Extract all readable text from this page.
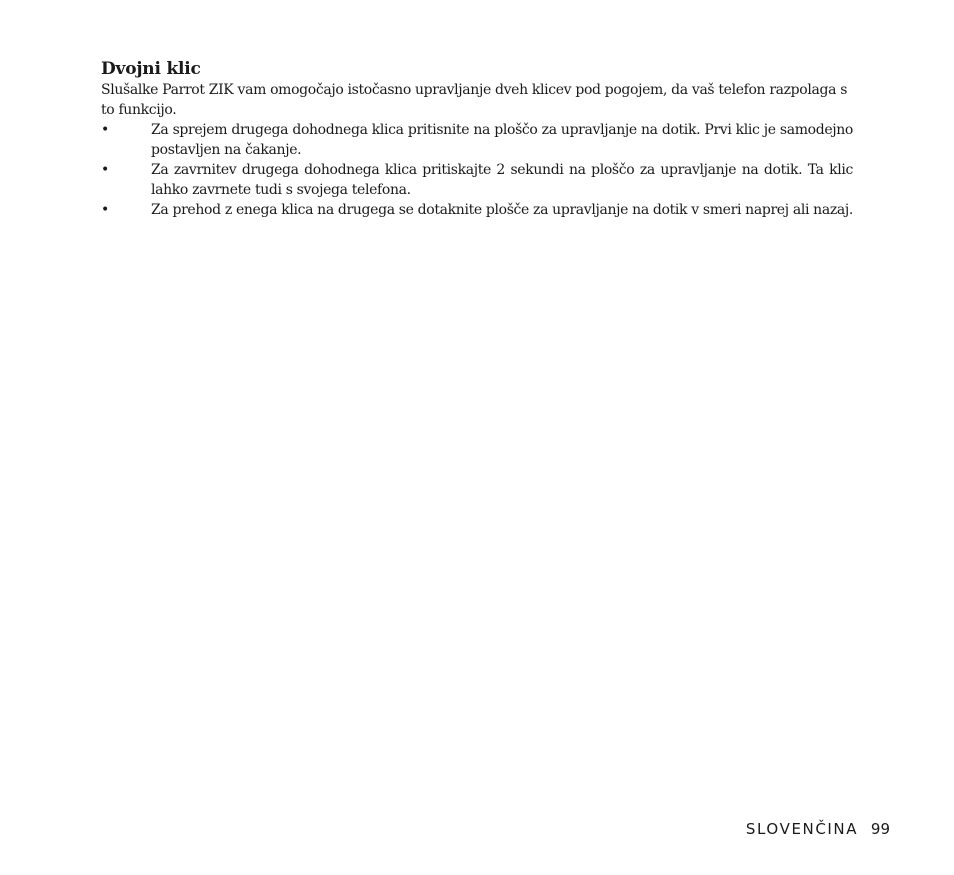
Dvojni klic

Slušalke Parrot ZIK vam omogočajo istočasno upravljanje dveh klicev pod pogojem, da vaš telefon razpolaga s to funkcijo.

•	Za sprejem drugega dohodnega klica pritisnite na ploščo za upravljanje na dotik. Prvi klic je samodejno postavljen na čakanje.
•	Za zavrnitev drugega dohodnega klica pritiskajte 2 sekundi na ploščo za upravljanje na dotik. Ta klic lahko zavrnete tudi s svojega telefona.
•	Za prehod z enega klica na drugega se dotaknite plošče za upravljanje na dotik v smeri naprej ali nazaj.
SLOVENČINA 99
